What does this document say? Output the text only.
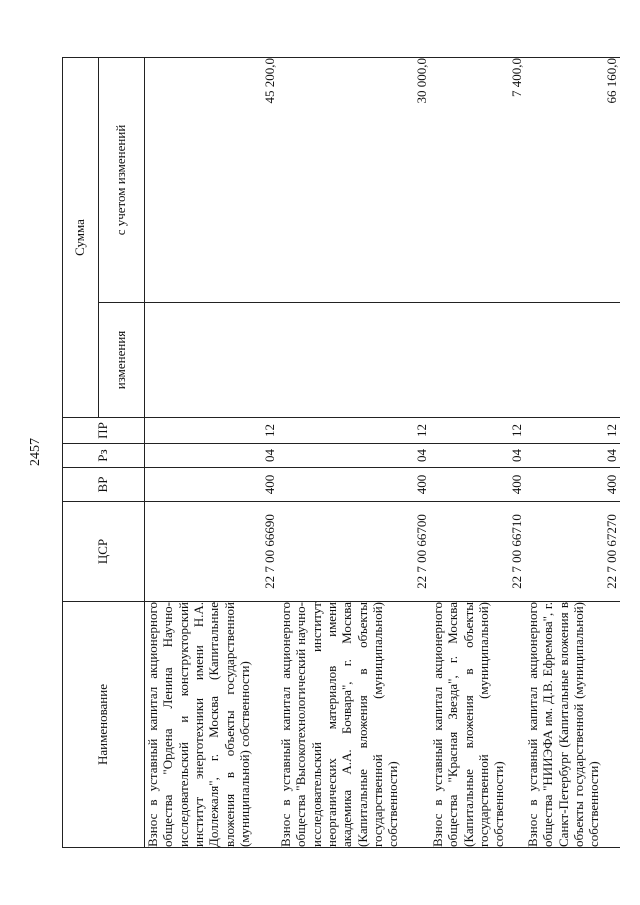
2457
Наименование	ЦСР	ВР	Рз	ПР	Сумма	
					изменения	с учетом изменений
Взнос в уставный капитал акционерного общества "Ордена Ленина Научно-исследовательский и конструкторский институт энерготехники имени Н.А. Доллежаля", г. Москва (Капитальные вложения в объекты государственной (муниципальной) собственности)	22 7 00 66690	400	04	12		45 200,0
Взнос в уставный капитал акционерного общества "Высокотехнологический научно-исследовательский институт неорганических материалов имени академика А.А. Бочвара", г. Москва (Капитальные вложения в объекты государственной (муниципальной) собственности)	22 7 00 66700	400	04	12		30 000,0
Взнос в уставный капитал акционерного общества "Красная Звезда", г. Москва (Капитальные вложения в объекты государственной (муниципальной) собственности)	22 7 00 66710	400	04	12		7 400,0
Взнос в уставный капитал акционерного общества "НИИЭФА им. Д.В. Ефремова", г. Санкт-Петербург (Капитальные вложения в объекты государственной (муниципальной) собственности)	22 7 00 67270	400	04	12		66 160,0
